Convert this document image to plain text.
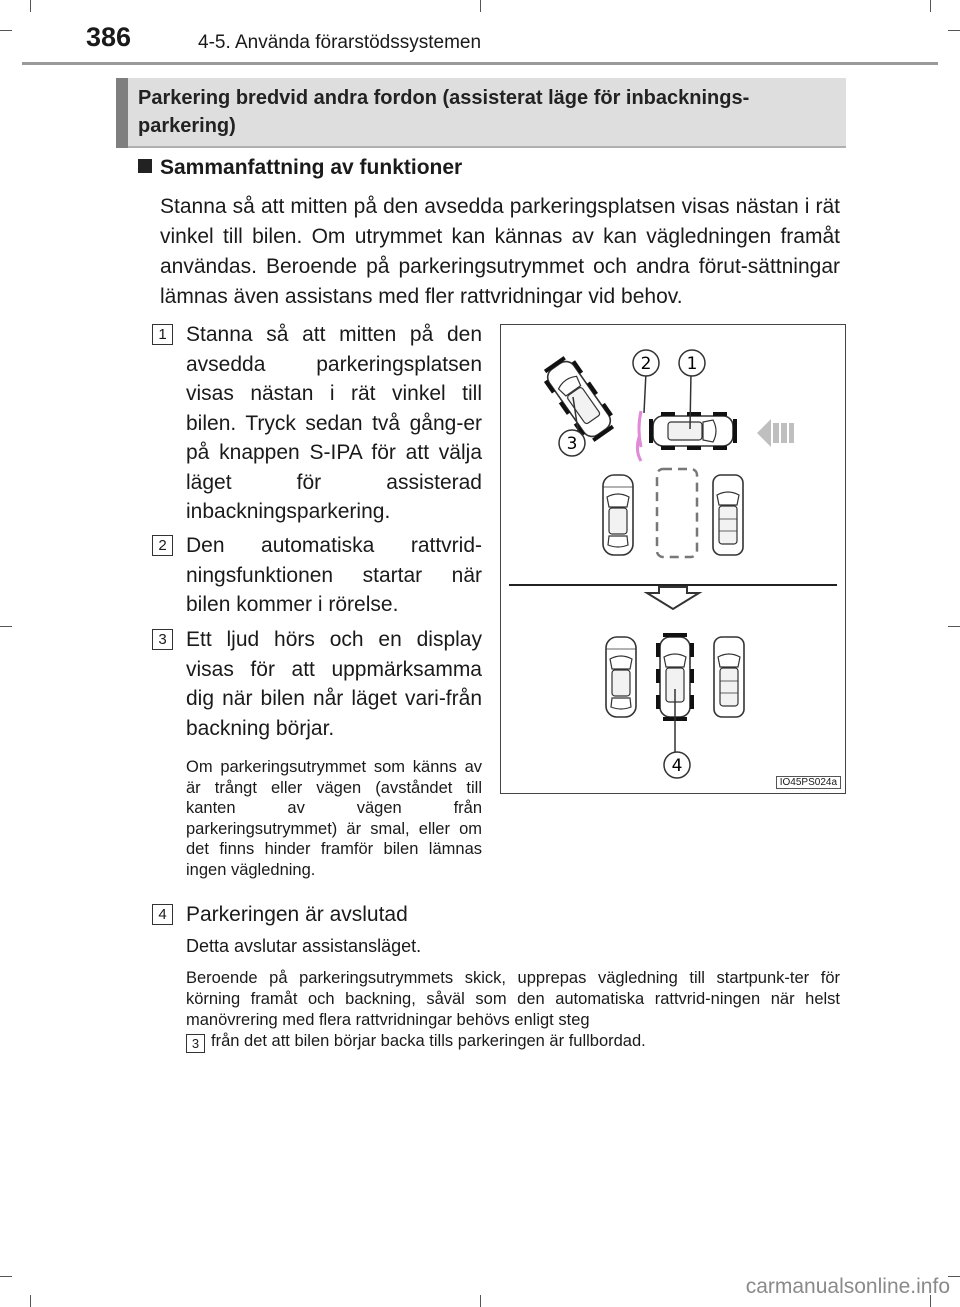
386	4-5. Använda förarstödssystemen
Parkering bredvid andra fordon (assisterat läge för inbacknings-parkering)
Sammanfattning av funktioner
Stanna så att mitten på den avsedda parkeringsplatsen visas nästan i rät vinkel till bilen. Om utrymmet kan kännas av kan vägledningen framåt användas. Beroende på parkeringsutrymmet och andra förut-sättningar lämnas även assistans med fler rattvridningar vid behov.
1 Stanna så att mitten på den avsedda parkeringsplatsen visas nästan i rät vinkel till bilen. Tryck sedan två gång-er på knappen S-IPA för att välja läget för assisterad inbackningsparkering.
2 Den automatiska rattvrid-ningsfunktionen startar när bilen kommer i rörelse.
3 Ett ljud hörs och en display visas för att uppmärksamma dig när bilen når läget vari-från backning börjar.
Om parkeringsutrymmet som känns av är trångt eller vägen (avståndet till kanten av vägen från parkeringsutrymmet) är smal, eller om det finns hinder framför bilen lämnas ingen vägledning.
2 1
3
4
IO45PS024a
4 Parkeringen är avslutad
Detta avslutar assistansläget.
Beroende på parkeringsutrymmets skick, upprepas vägledning till startpunk-ter för körning framåt och backning, såväl som den automatiska rattvrid-ningen när helst manövrering med flera rattvridningar behövs enligt steg
3 från det att bilen börjar backa tills parkeringen är fullbordad.
carmanualsonline.info
